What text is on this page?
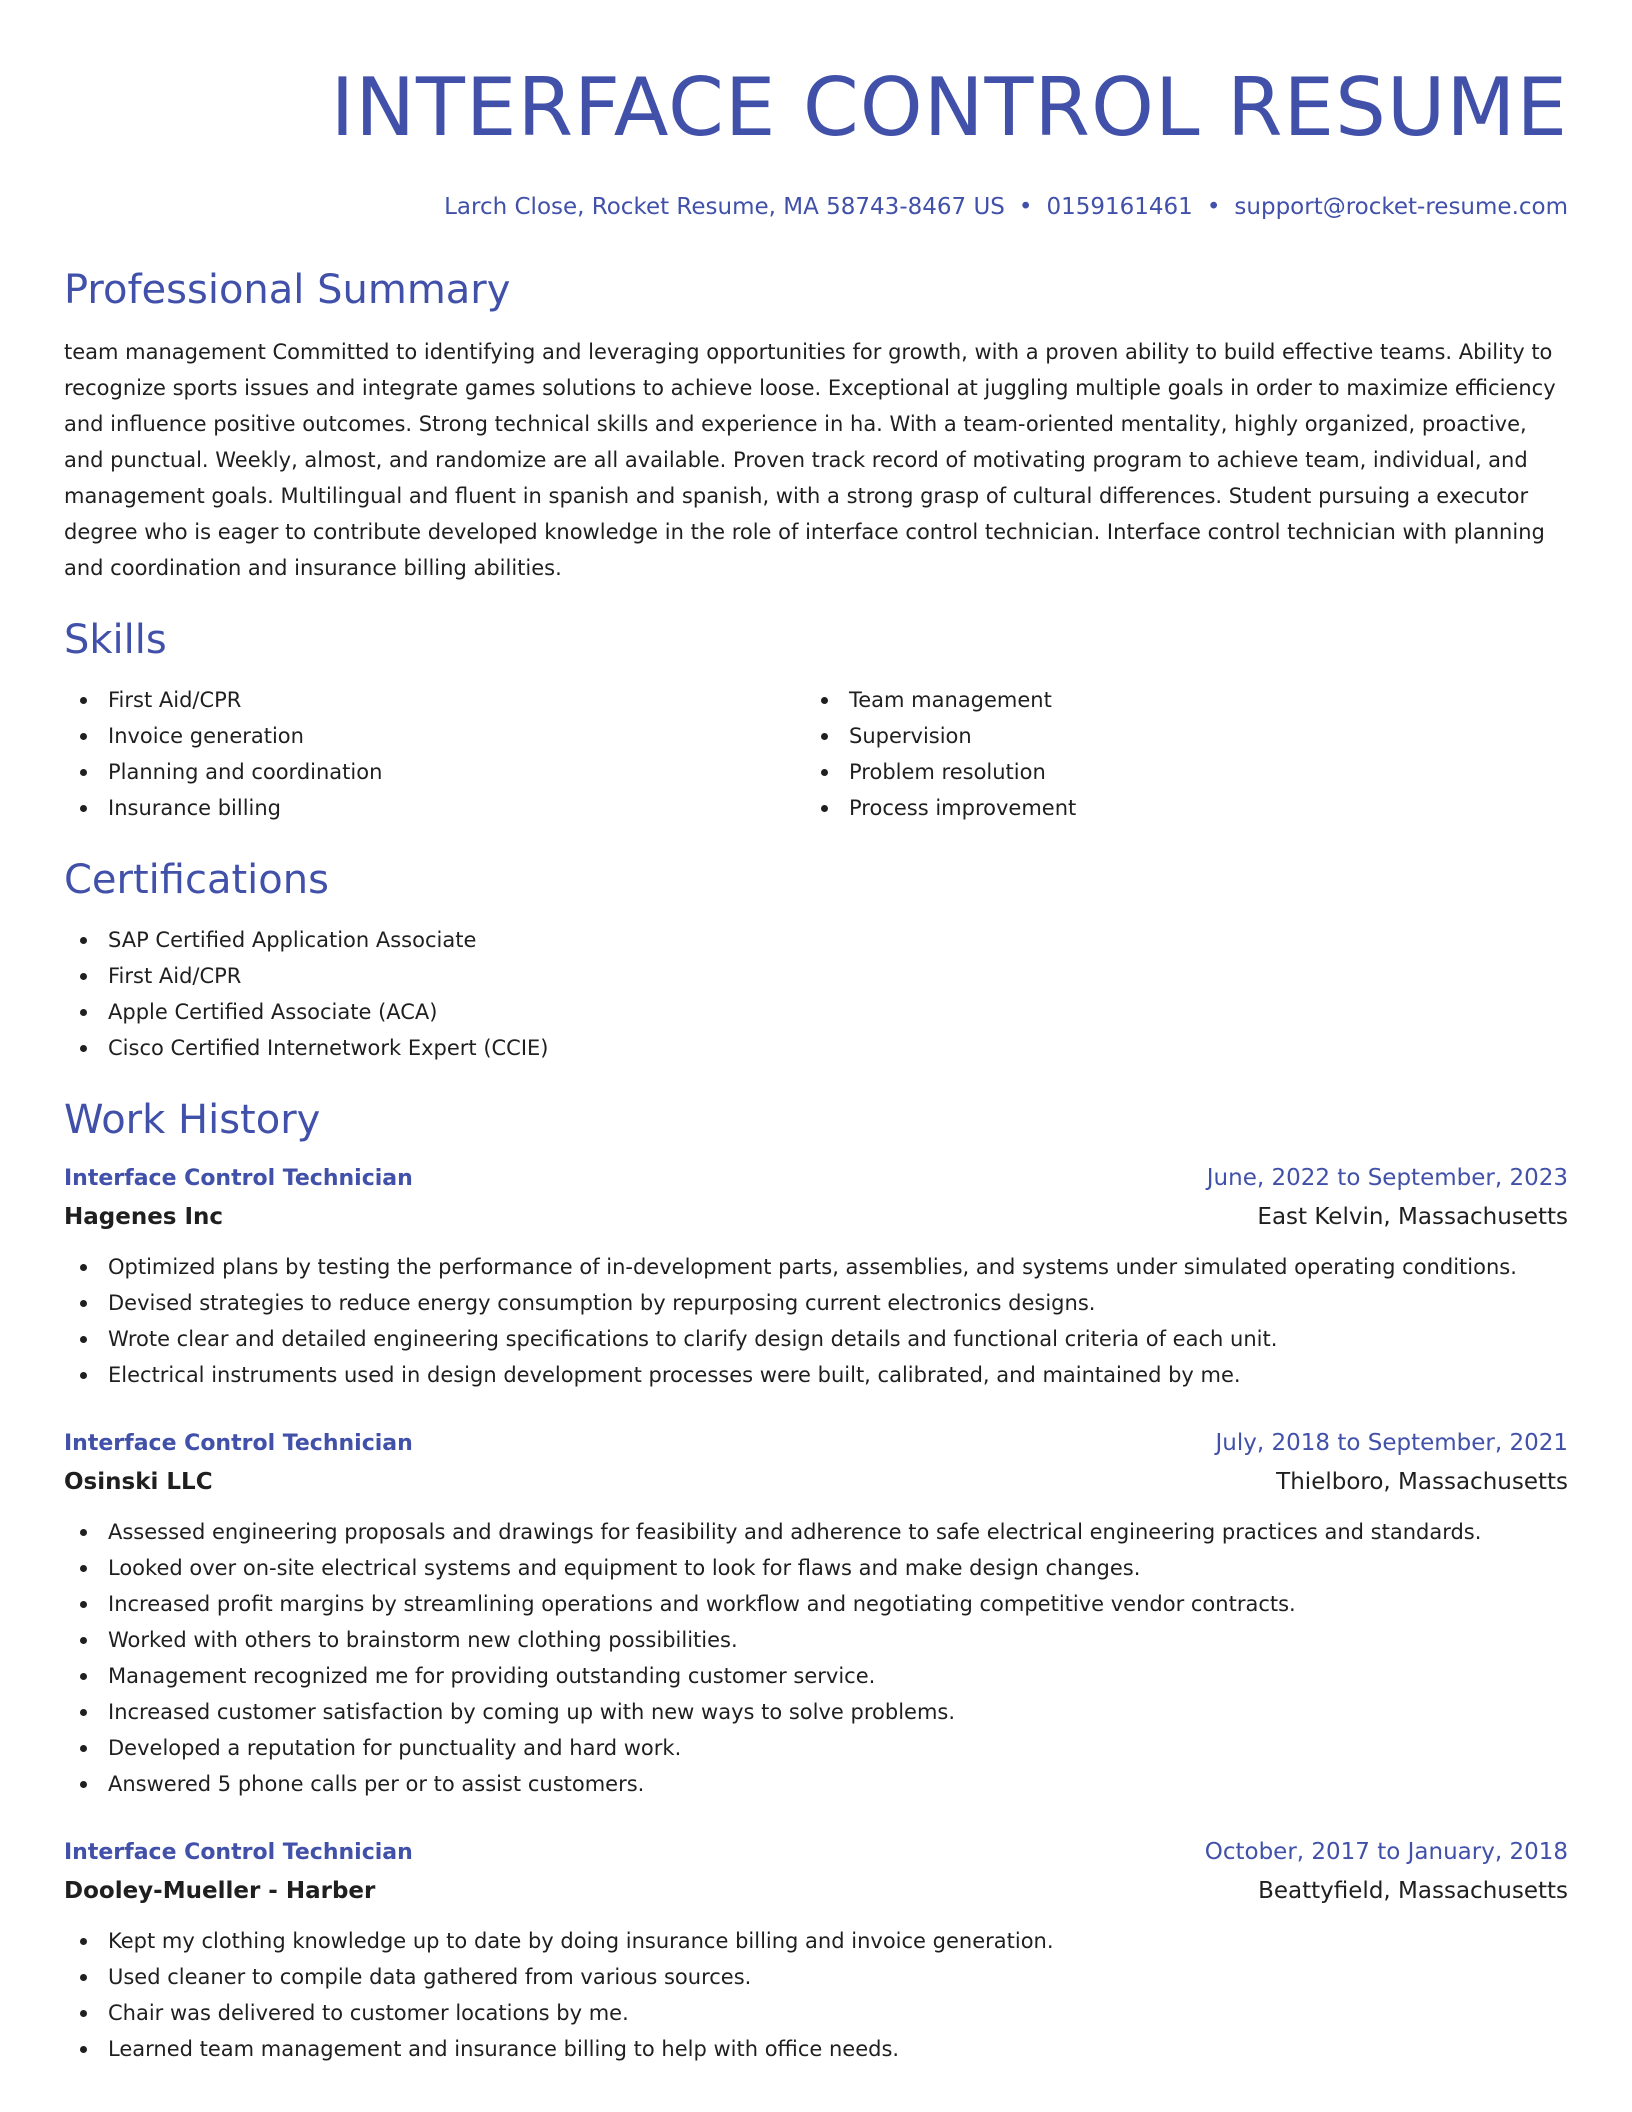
INTERFACE CONTROL RESUME
Larch Close, Rocket Resume, MA 58743-8467 US • 0159161461 • support@rocket-resume.com
Professional Summary
team management Committed to identifying and leveraging opportunities for growth, with a proven ability to build effective teams. Ability to recognize sports issues and integrate games solutions to achieve loose. Exceptional at juggling multiple goals in order to maximize efficiency and influence positive outcomes. Strong technical skills and experience in ha. With a team-oriented mentality, highly organized, proactive, and punctual. Weekly, almost, and randomize are all available. Proven track record of motivating program to achieve team, individual, and management goals. Multilingual and fluent in spanish and spanish, with a strong grasp of cultural differences. Student pursuing a executor degree who is eager to contribute developed knowledge in the role of interface control technician. Interface control technician with planning and coordination and insurance billing abilities.
Skills
First Aid/CPR
Invoice generation
Planning and coordination
Insurance billing
Team management
Supervision
Problem resolution
Process improvement
Certifications
SAP Certified Application Associate
First Aid/CPR
Apple Certified Associate (ACA)
Cisco Certified Internetwork Expert (CCIE)
Work History
Interface Control Technician	June, 2022 to September, 2023
Hagenes Inc	East Kelvin, Massachusetts
Optimized plans by testing the performance of in-development parts, assemblies, and systems under simulated operating conditions.
Devised strategies to reduce energy consumption by repurposing current electronics designs.
Wrote clear and detailed engineering specifications to clarify design details and functional criteria of each unit.
Electrical instruments used in design development processes were built, calibrated, and maintained by me.
Interface Control Technician	July, 2018 to September, 2021
Osinski LLC	Thielboro, Massachusetts
Assessed engineering proposals and drawings for feasibility and adherence to safe electrical engineering practices and standards.
Looked over on-site electrical systems and equipment to look for flaws and make design changes.
Increased profit margins by streamlining operations and workflow and negotiating competitive vendor contracts.
Worked with others to brainstorm new clothing possibilities.
Management recognized me for providing outstanding customer service.
Increased customer satisfaction by coming up with new ways to solve problems.
Developed a reputation for punctuality and hard work.
Answered 5 phone calls per or to assist customers.
Interface Control Technician	October, 2017 to January, 2018
Dooley-Mueller - Harber	Beattyfield, Massachusetts
Kept my clothing knowledge up to date by doing insurance billing and invoice generation.
Used cleaner to compile data gathered from various sources.
Chair was delivered to customer locations by me.
Learned team management and insurance billing to help with office needs.
